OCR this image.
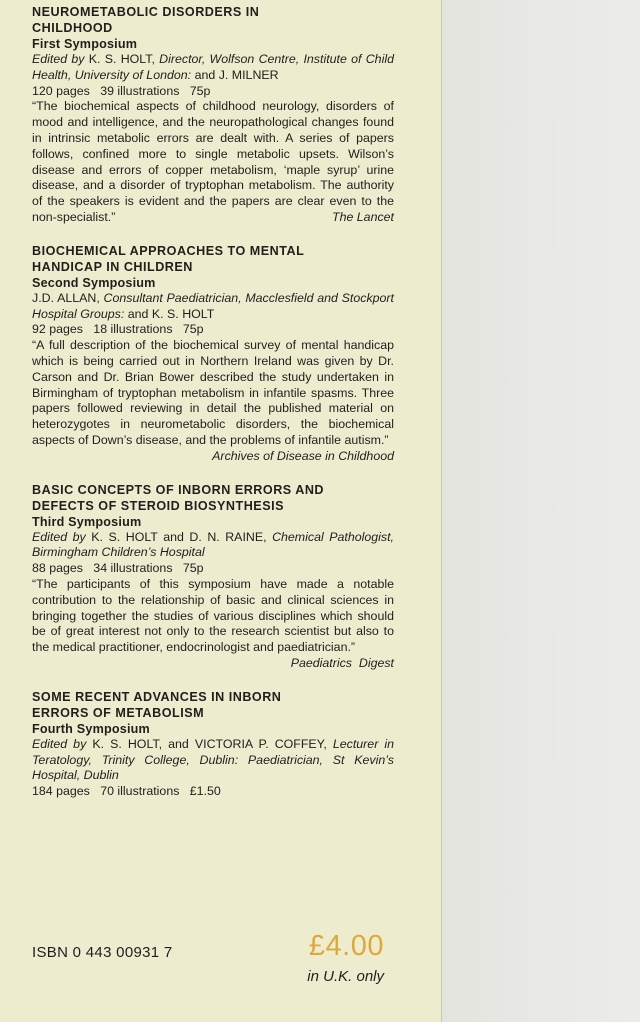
NEUROMETABOLIC DISORDERS IN
CHILDHOOD
First Symposium
Edited by K. S. HOLT, Director, Wolfson Centre, Institute of Child Health, University of London: and J. MILNER
120 pages   39 illustrations   75p
“The biochemical aspects of childhood neurology, disorders of mood and intelligence, and the neuropathological changes found in intrinsic metabolic errors are dealt with. A series of papers follows, confined more to single metabolic upsets. Wilson’s disease and errors of copper metabolism, ‘maple syrup’ urine disease, and a disorder of tryptophan metabolism. The authority of the speakers is evident and the papers are clear even to the non-specialist.”	The Lancet
BIOCHEMICAL APPROACHES TO MENTAL
HANDICAP IN CHILDREN
Second Symposium
J.D. ALLAN, Consultant Paediatrician, Macclesfield and Stockport Hospital Groups: and K. S. HOLT
92 pages   18 illustrations   75p
“A full description of the biochemical survey of mental handicap which is being carried out in Northern Ireland was given by Dr. Carson and Dr. Brian Bower described the study undertaken in Birmingham of tryptophan metabolism in infantile spasms. Three papers followed reviewing in detail the published material on heterozygotes in neurometabolic disorders, the biochemical aspects of Down’s disease, and the problems of infantile autism.”
Archives of Disease in Childhood
BASIC CONCEPTS OF INBORN ERRORS AND
DEFECTS OF STEROID BIOSYNTHESIS
Third Symposium
Edited by K. S. HOLT and D. N. RAINE, Chemical Pathologist, Birmingham Children’s Hospital
88 pages   34 illustrations   75p
“The participants of this symposium have made a notable contribution to the relationship of basic and clinical sciences in bringing together the studies of various disciplines which should be of great interest not only to the research scientist but also to the medical practitioner, endocrinologist and paediatrician.”
Paediatrics  Digest
SOME RECENT ADVANCES IN INBORN
ERRORS OF METABOLISM
Fourth Symposium
Edited by K. S. HOLT, and VICTORIA P. COFFEY, Lecturer in Teratology, Trinity College, Dublin: Paediatrician, St Kevin’s Hospital, Dublin
184 pages   70 illustrations   £1.50
ISBN 0 443 00931 7	£4.00
in U.K. only
